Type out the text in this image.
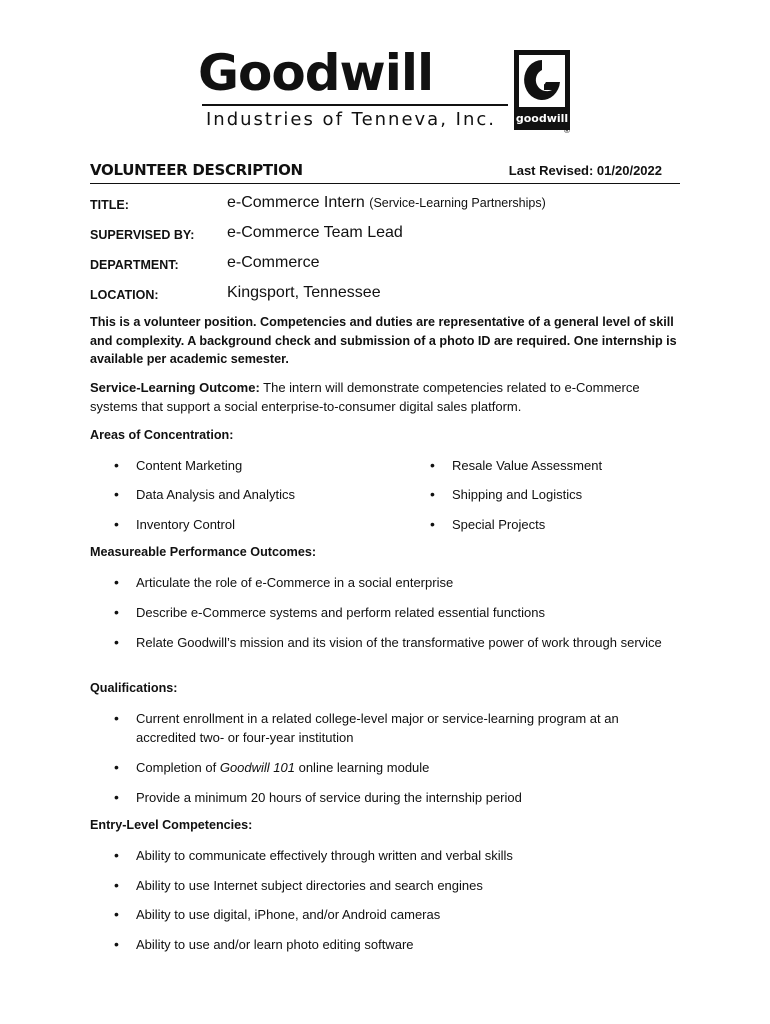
Goodwill
Industries of Tenneva, Inc. goodwill
®
VOLUNTEER DESCRIPTION	Last Revised: 01/20/2022
TITLE:	e-Commerce Intern (Service-Learning Partnerships)
SUPERVISED BY: e-Commerce Team Lead
DEPARTMENT:	e-Commerce
LOCATION:	Kingsport, Tennessee
This is a volunteer position. Competencies and duties are representative of a general level of skill and complexity. A background check and submission of a photo ID are required. One internship is available per academic semester.
Service-Learning Outcome: The intern will demonstrate competencies related to e-Commerce systems that support a social enterprise-to-consumer digital sales platform.
Areas of Concentration:
• Content Marketing
• Data Analysis and Analytics
• Inventory Control
• Resale Value Assessment
• Shipping and Logistics
• Special Projects
Measureable Performance Outcomes:
• Articulate the role of e-Commerce in a social enterprise
• Describe e-Commerce systems and perform related essential functions
• Relate Goodwill’s mission and its vision of the transformative power of work through service
Qualifications:
• Current enrollment in a related college-level major or service-learning program at an accredited two- or four-year institution
• Completion of Goodwill 101 online learning module
• Provide a minimum 20 hours of service during the internship period
Entry-Level Competencies:
• Ability to communicate effectively through written and verbal skills
• Ability to use Internet subject directories and search engines
• Ability to use digital, iPhone, and/or Android cameras
• Ability to use and/or learn photo editing software
